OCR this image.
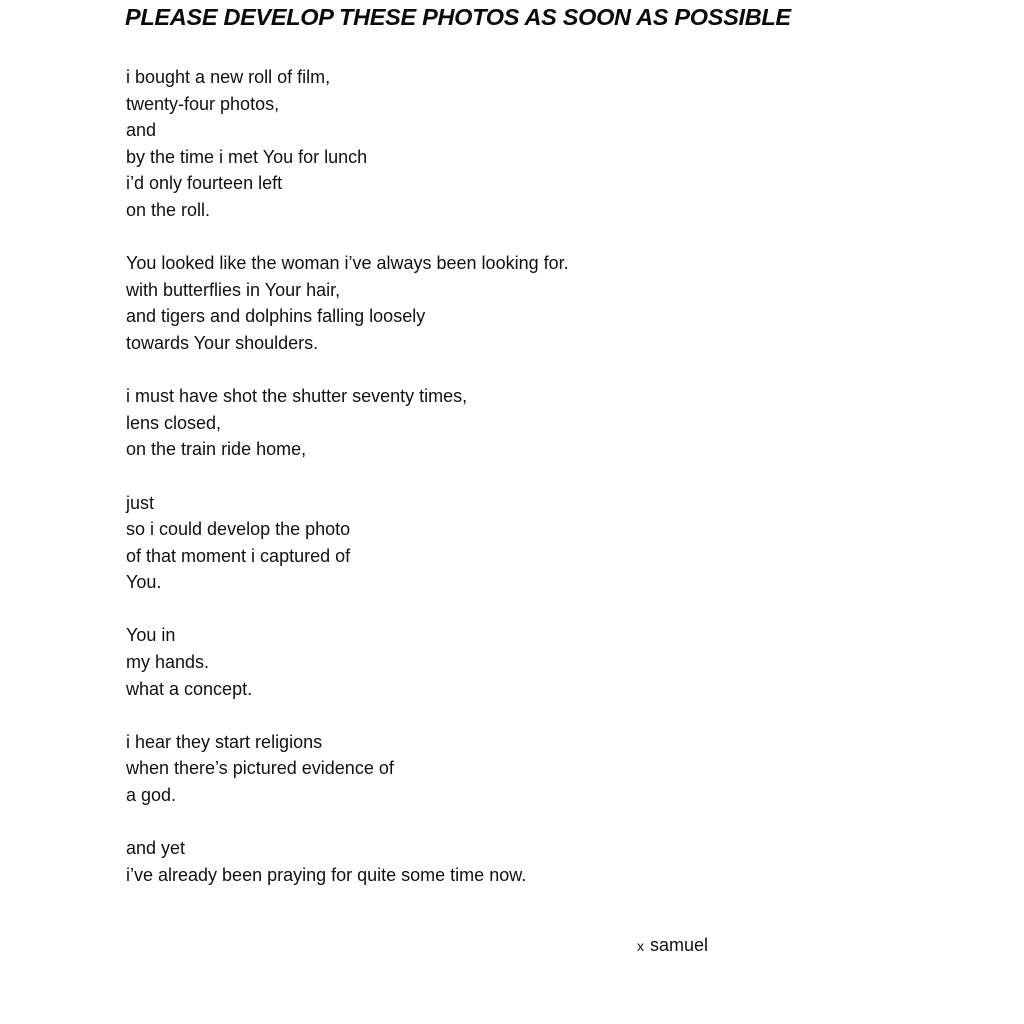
PLEASE DEVELOP THESE PHOTOS AS SOON AS POSSIBLE
i bought a new roll of film,
twenty-four photos,
and
by the time i met You for lunch
i’d only fourteen left
on the roll.
You looked like the woman i’ve always been looking for.
with butterflies in Your hair,
and tigers and dolphins falling loosely
towards Your shoulders.
i must have shot the shutter seventy times,
lens closed,
on the train ride home,
just
so i could develop the photo
of that moment i captured of
You.
You in
my hands.
what a concept.
i hear they start religions
when there’s pictured evidence of
a god.
and yet
i’ve already been praying for quite some time now.
x samuel
